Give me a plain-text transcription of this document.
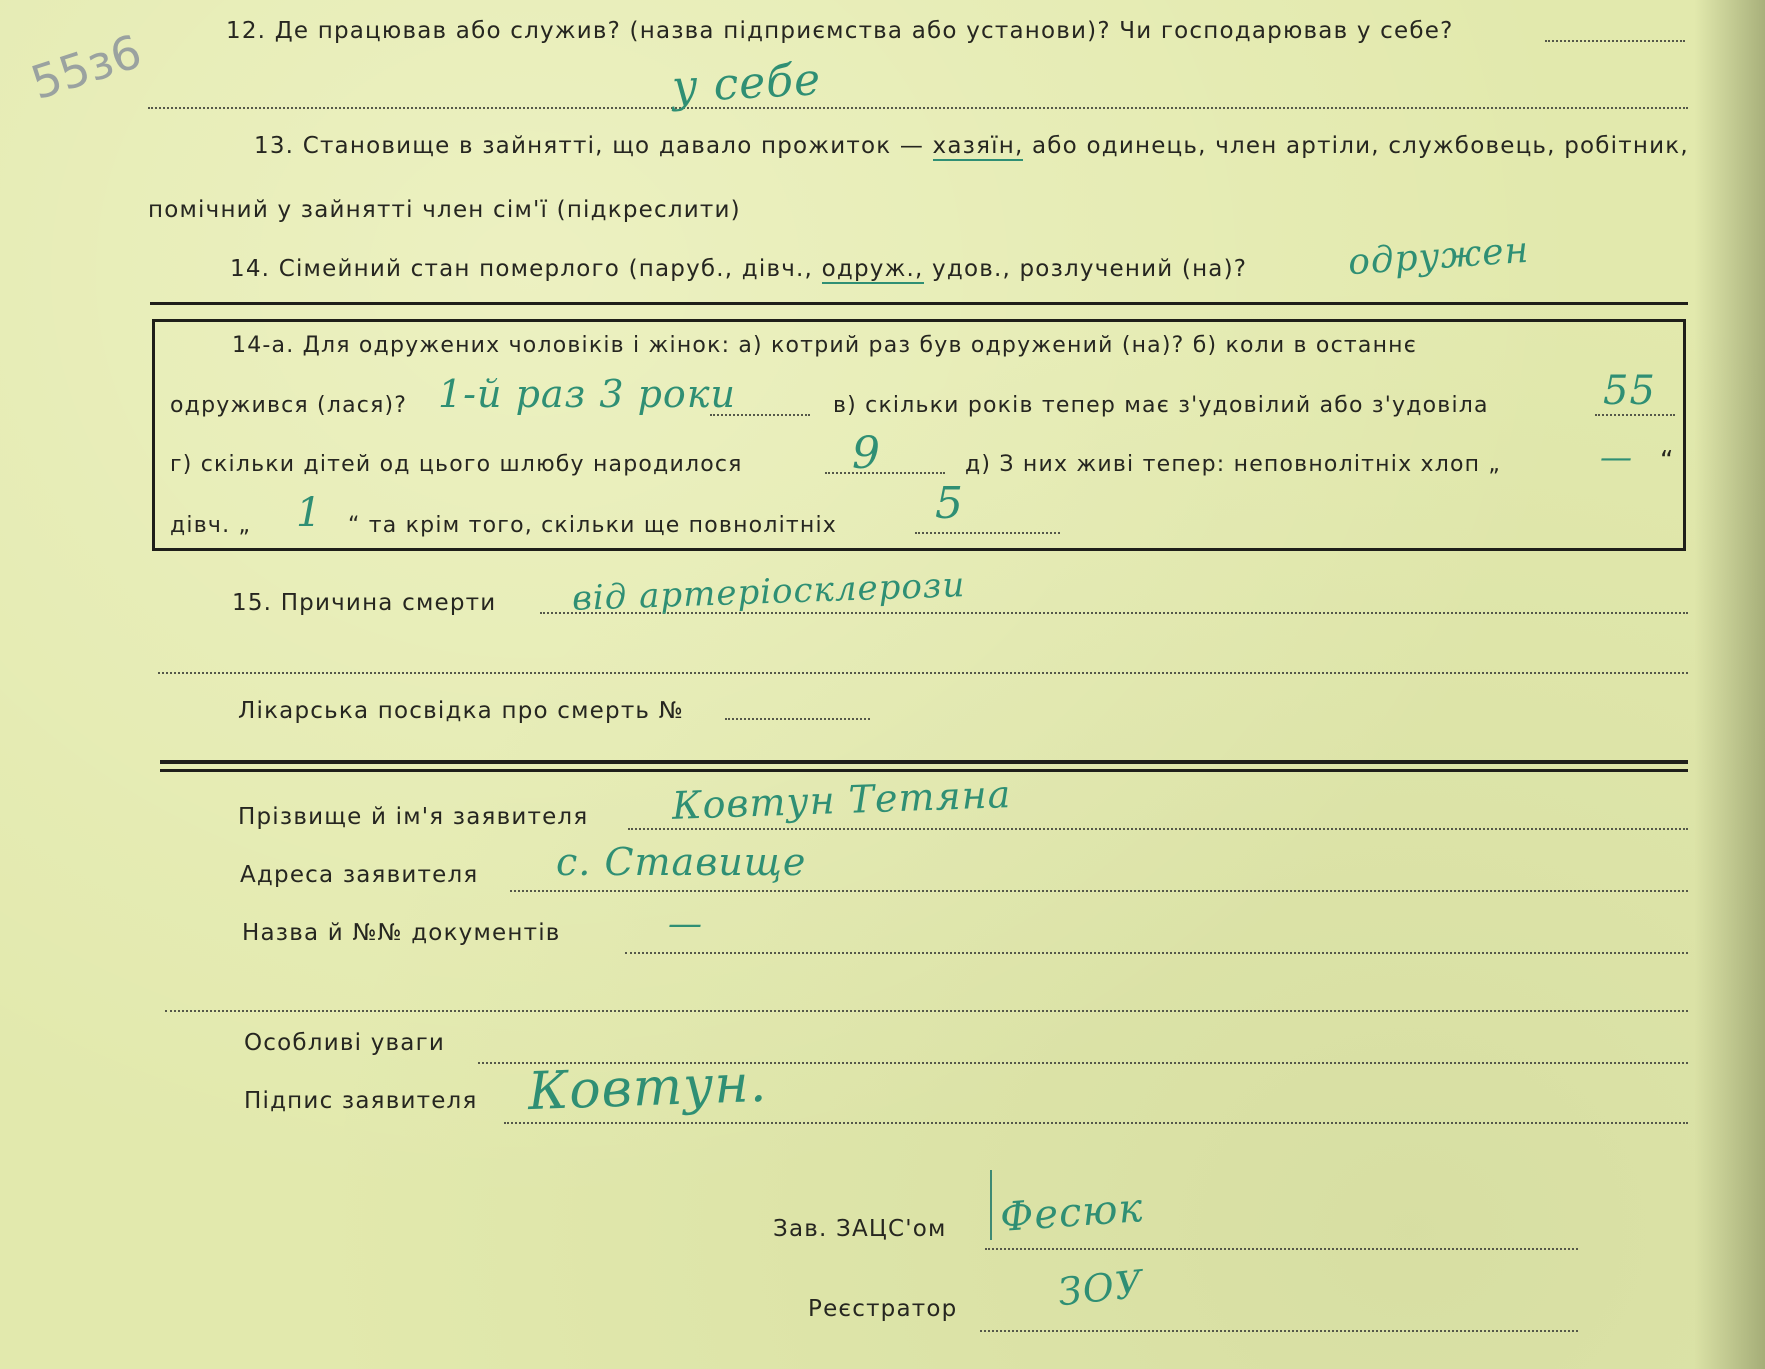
55з6	12. Де працював або служив? (назва підприємства або установи)? Чи господарював у себе?
у себе
13. Становище в зайнятті, що давало прожиток — хазяїн, або одинець, член артіли, службовець, робітник,
помічний у зайнятті член сім'ї (підкреслити)
14. Сімейний стан померлого (паруб., дівч., одруж., удов., розлучений (на)?	одружен
14-а. Для одружених чоловіків і жінок: а) котрий раз був одружений (на)? б) коли в останнє
одружився (лася)? 1-й раз 3 роки	в) скільки років тепер має з'удовілий або з'удовіла	55
г) скільки дітей од цього шлюбу народилося 9	д) З них живі тепер: неповнолітніх хлоп „	— “
дівч. „ 1 “ та крім того, скільки ще повнолітніх 5
15. Причина смерти від артеріосклерози
Лікарська посвідка про смерть №
Прізвище й ім'я заявителя Ковтун Тетяна
Адреса заявителя с. Ставище
Назва й №№ документів	—
Особливі уваги
Підпис заявителя Ковтун.
Зав. ЗАЦС'ом Фесюк
Реєстратор	ЗОУ
